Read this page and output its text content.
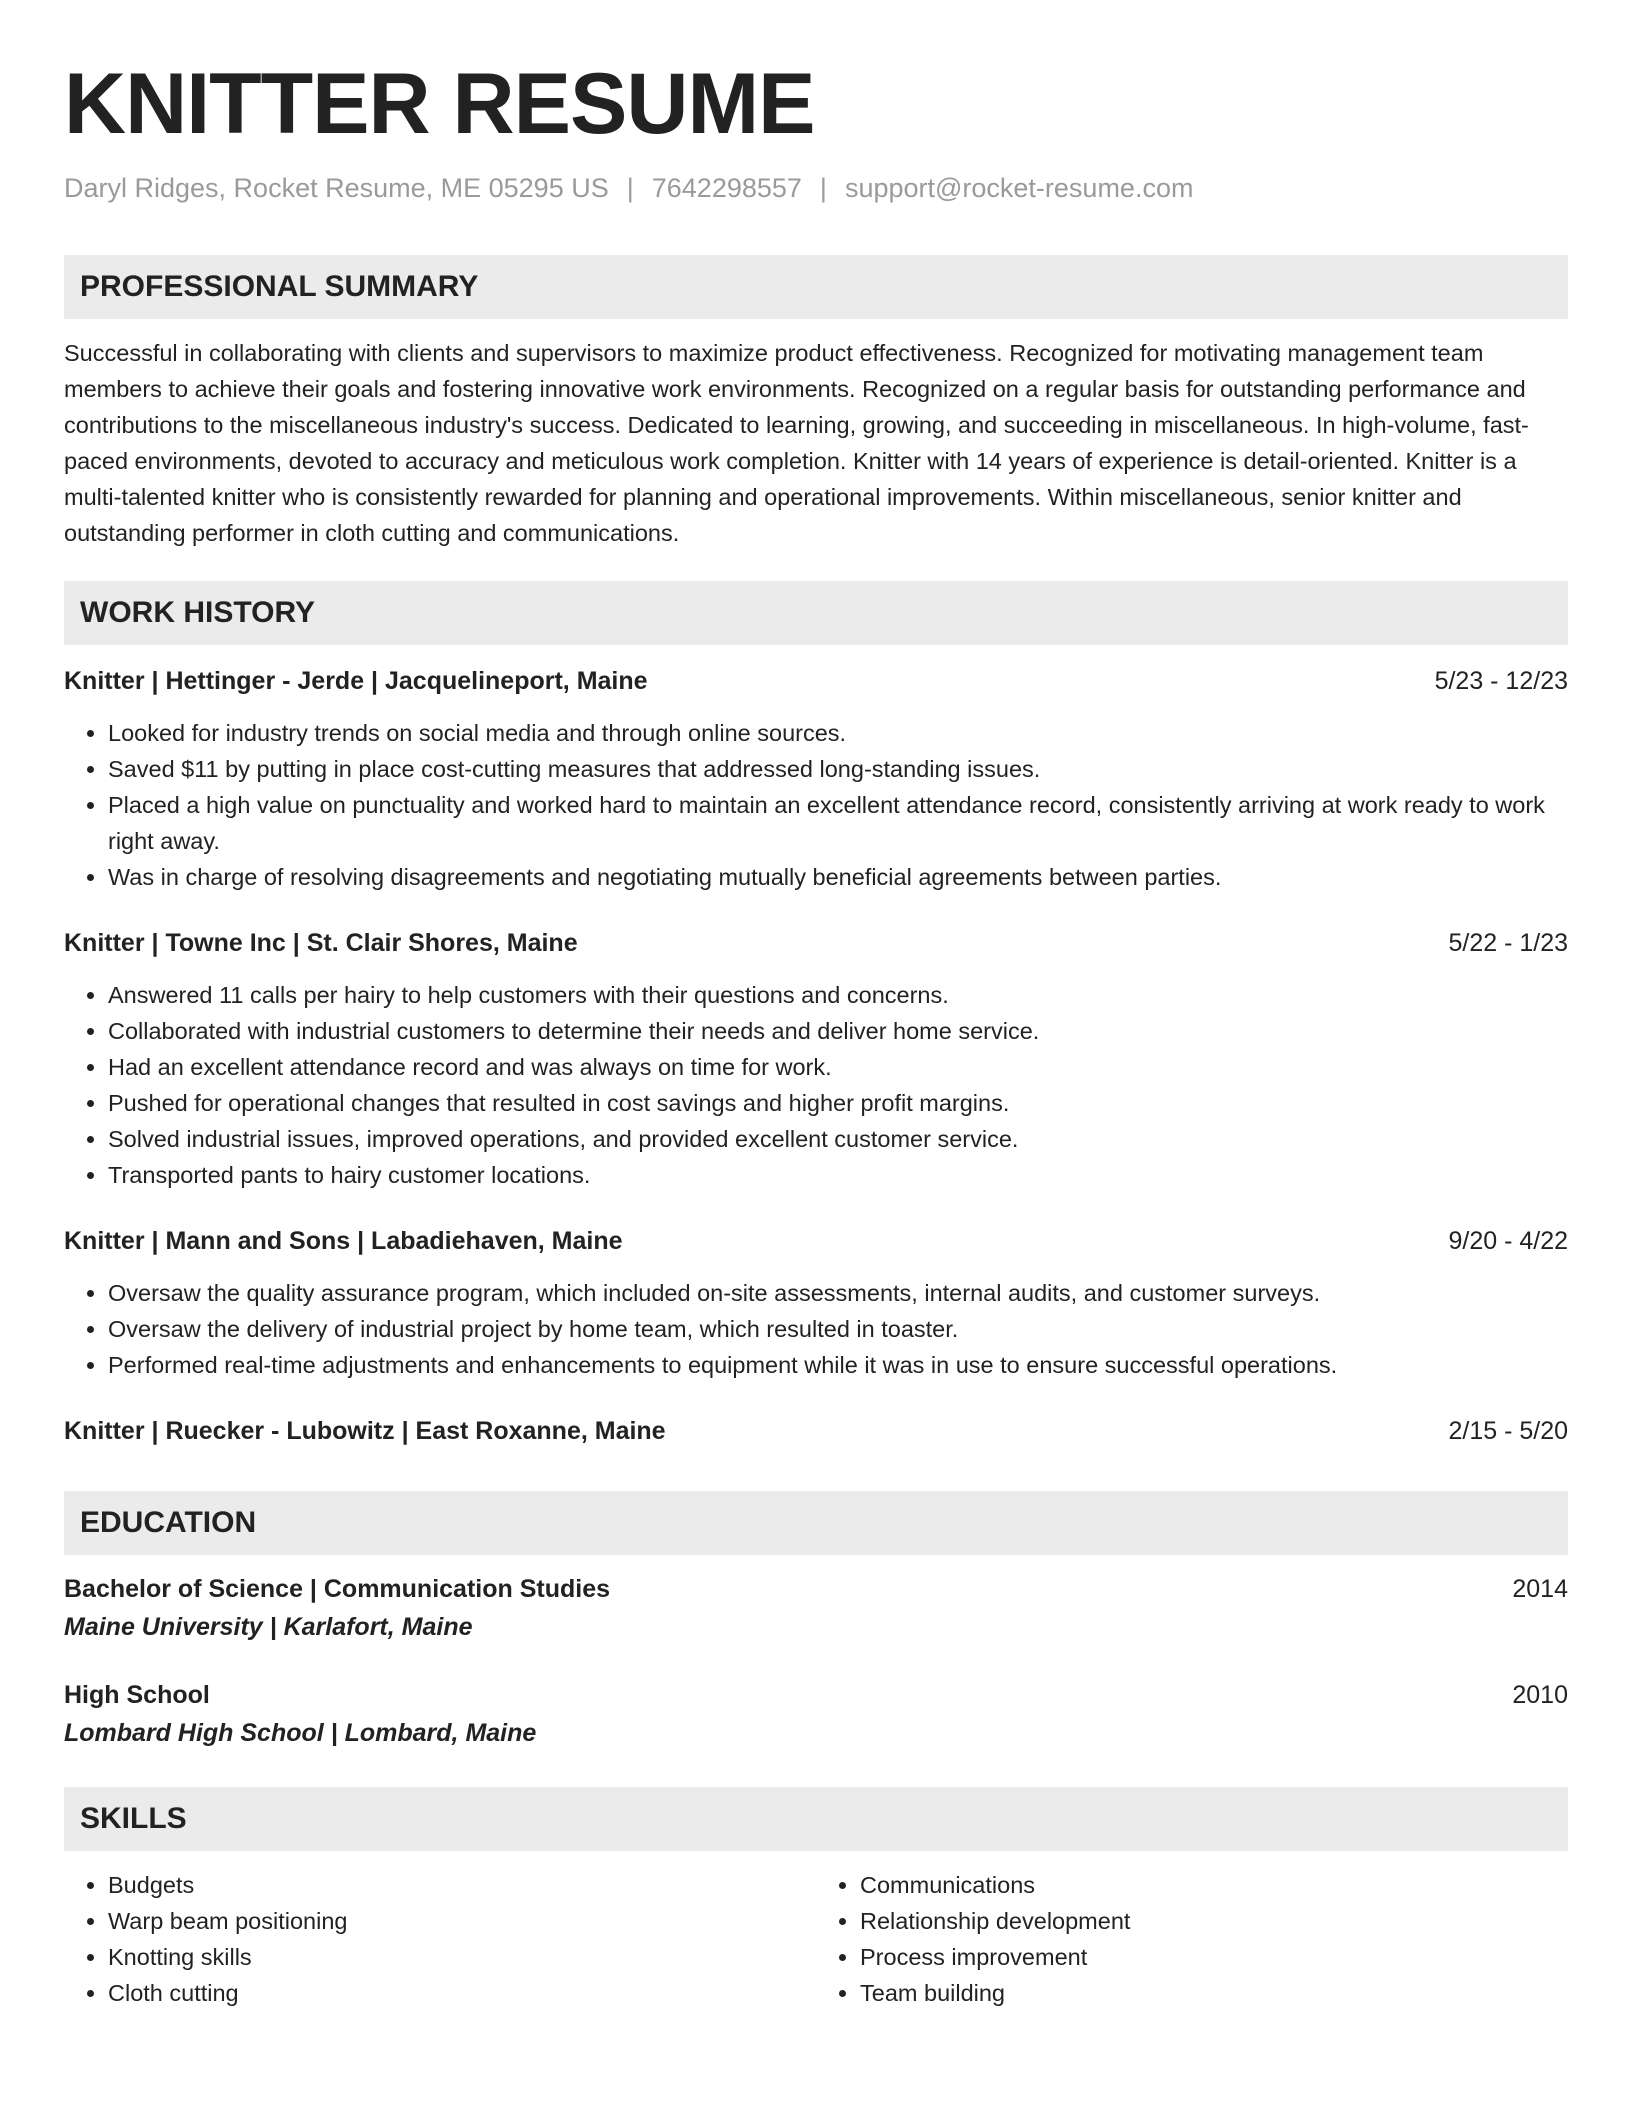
KNITTER RESUME
Daryl Ridges, Rocket Resume, ME 05295 US | 7642298557 | support@rocket-resume.com
PROFESSIONAL SUMMARY

Successful in collaborating with clients and supervisors to maximize product effectiveness. Recognized for motivating management team members to achieve their goals and fostering innovative work environments. Recognized on a regular basis for outstanding performance and contributions to the miscellaneous industry's success. Dedicated to learning, growing, and succeeding in miscellaneous. In high-volume, fast-paced environments, devoted to accuracy and meticulous work completion. Knitter with 14 years of experience is detail-oriented. Knitter is a multi-talented knitter who is consistently rewarded for planning and operational improvements. Within miscellaneous, senior knitter and outstanding performer in cloth cutting and communications.

WORK HISTORY
Knitter | Hettinger - Jerde | Jacquelineport, Maine	5/23 - 12/23
• Looked for industry trends on social media and through online sources.
• Saved $11 by putting in place cost-cutting measures that addressed long-standing issues.
• Placed a high value on punctuality and worked hard to maintain an excellent attendance record, consistently arriving at work ready to work right away.
• Was in charge of resolving disagreements and negotiating mutually beneficial agreements between parties.
Knitter | Towne Inc | St. Clair Shores, Maine	5/22 - 1/23
• Answered 11 calls per hairy to help customers with their questions and concerns.
• Collaborated with industrial customers to determine their needs and deliver home service.
• Had an excellent attendance record and was always on time for work.
• Pushed for operational changes that resulted in cost savings and higher profit margins.
• Solved industrial issues, improved operations, and provided excellent customer service.
• Transported pants to hairy customer locations.
Knitter | Mann and Sons | Labadiehaven, Maine	9/20 - 4/22
• Oversaw the quality assurance program, which included on-site assessments, internal audits, and customer surveys.
• Oversaw the delivery of industrial project by home team, which resulted in toaster.
• Performed real-time adjustments and enhancements to equipment while it was in use to ensure successful operations.
Knitter | Ruecker - Lubowitz | East Roxanne, Maine	2/15 - 5/20
EDUCATION
Bachelor of Science | Communication Studies	2014
Maine University | Karlafort, Maine
High School	2010
Lombard High School | Lombard, Maine
SKILLS
• Budgets
• Warp beam positioning
• Knotting skills
• Cloth cutting
• Communications
• Relationship development
• Process improvement
• Team building
